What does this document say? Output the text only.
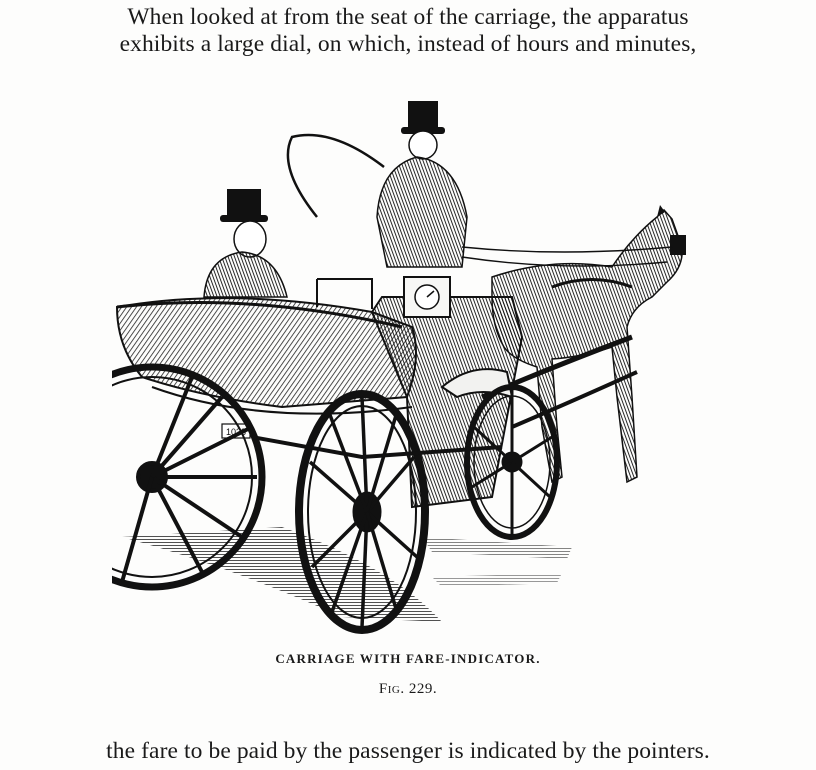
When looked at from the seat of the carriage, the apparatus
exhibits a large dial, on which, instead of hours and minutes,
1038
CARRIAGE WITH FARE-INDICATOR.
Fig. 229.
the fare to be paid by the passenger is indicated by the pointers.
